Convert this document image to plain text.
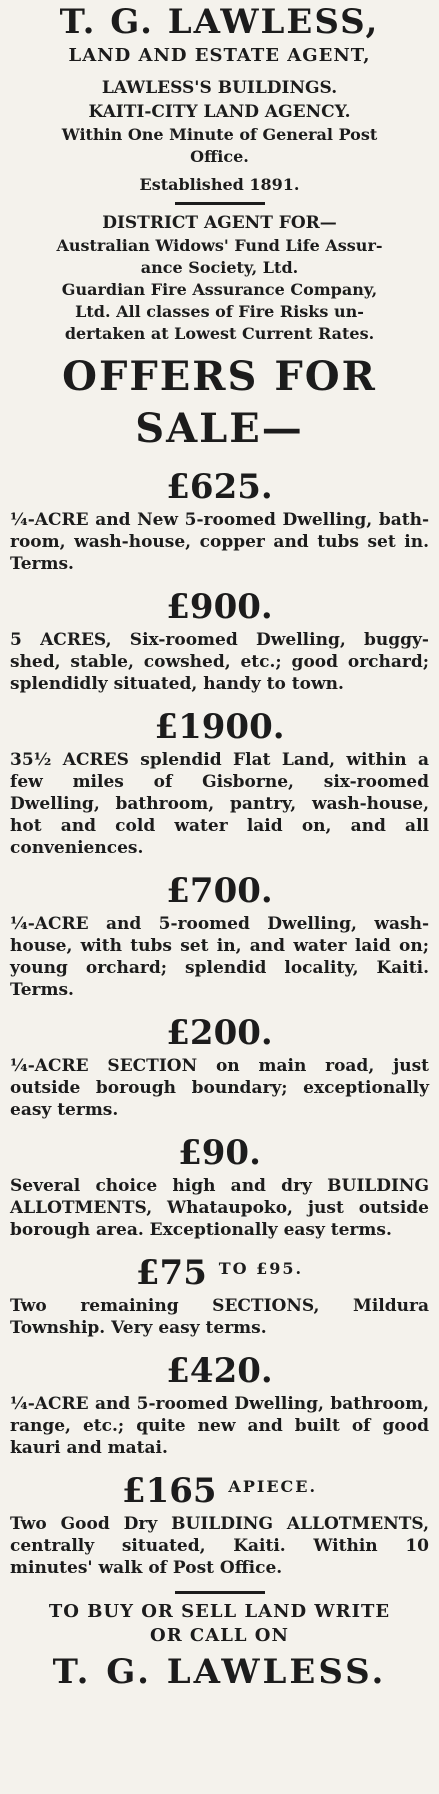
T. G. LAWLESS,
LAND AND ESTATE AGENT,
LAWLESS'S BUILDINGS.
KAITI-CITY LAND AGENCY.
Within One Minute of General Post
Office.
Established 1891.
DISTRICT AGENT FOR—
Australian Widows' Fund Life Assur-
ance Society, Ltd.
Guardian Fire Assurance Company,
Ltd. All classes of Fire Risks un-
dertaken at Lowest Current Rates.
OFFERS FOR SALE—
£625.
¼-ACRE and New 5-roomed Dwelling, bath-room, wash-house, copper and tubs set in. Terms.
£900.
5 ACRES, Six-roomed Dwelling, buggy-shed, stable, cowshed, etc.; good orchard; splendidly situated, handy to town.
£1900.
35½ ACRES splendid Flat Land, within a few miles of Gisborne, six-roomed Dwelling, bathroom, pantry, wash-house, hot and cold water laid on, and all conveniences.
£700.
¼-ACRE and 5-roomed Dwelling, wash-house, with tubs set in, and water laid on; young orchard; splendid locality, Kaiti. Terms.
£200.
¼-ACRE SECTION on main road, just outside borough boundary; exceptionally easy terms.
£90.
Several choice high and dry BUILDING ALLOTMENTS, Whataupoko, just outside borough area. Exceptionally easy terms.
£75 $^{TO £95.}$
Two remaining SECTIONS, Mildura Township. Very easy terms.
£420.
¼-ACRE and 5-roomed Dwelling, bathroom, range, etc.; quite new and built of good kauri and matai.
£165 $^{APIECE.}$
Two Good Dry BUILDING ALLOTMENTS, centrally situated, Kaiti. Within 10 minutes' walk of Post Office.
TO BUY OR SELL LAND WRITE
OR CALL ON
T. G. LAWLESS.
